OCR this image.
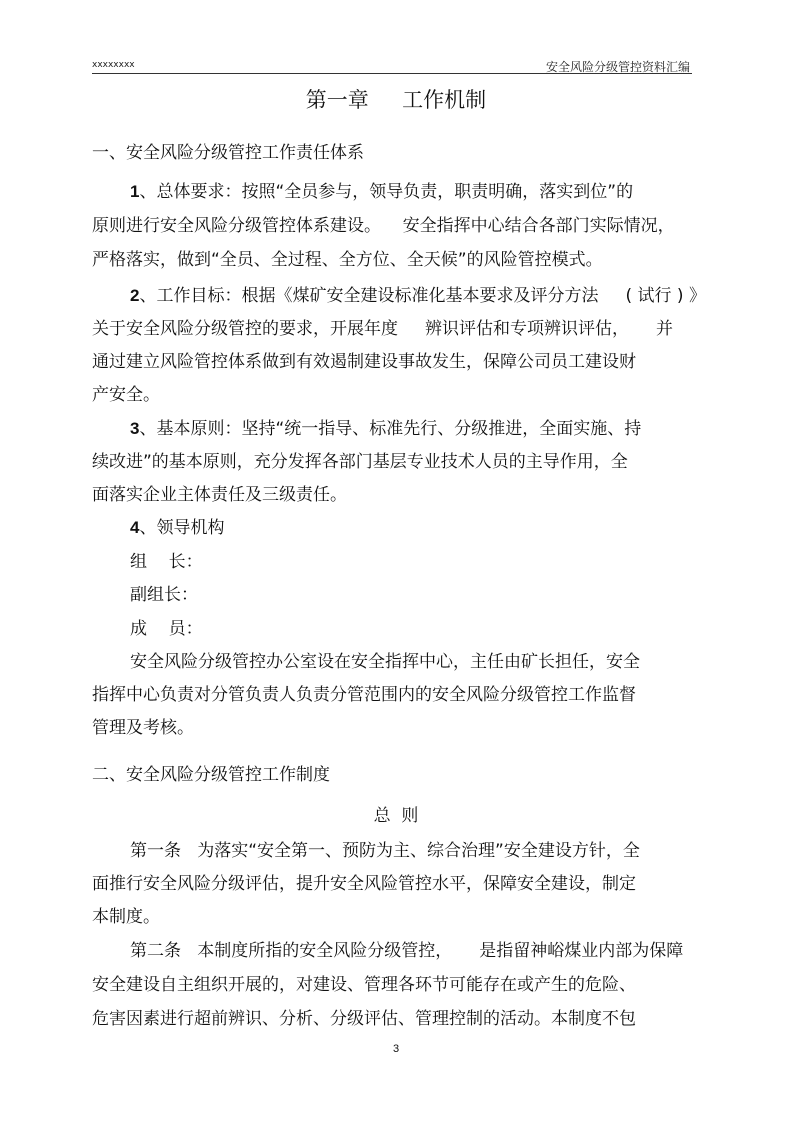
xxxxxxxx	安全风险分级管控资料汇编
第一章     工作机制
一、安全风险分级管控工作责任体系
1、总体要求：按照“全员参与，领导负责，职责明确，落实到位”的
原则进行安全风险分级管控体系建设。    安全指挥中心结合各部门实际情况，
严格落实，做到“全员、全过程、全方位、全天候”的风险管控模式。
2、工作目标：根据《煤矿安全建设标准化基本要求及评分方法     ( 试行 ) 》
关于安全风险分级管控的要求，开展年度     辨识评估和专项辨识评估，     并
通过建立风险管控体系做到有效遏制建设事故发生，保障公司员工建设财
产安全。
3、基本原则：坚持“统一指导、标准先行、分级推进，全面实施、持
续改进”的基本原则，充分发挥各部门基层专业技术人员的主导作用，全
面落实企业主体责任及三级责任。
4、领导机构
组    长：
副组长：
成    员：
安全风险分级管控办公室设在安全指挥中心，主任由矿长担任，安全
指挥中心负责对分管负责人负责分管范围内的安全风险分级管控工作监督
管理及考核。
二、安全风险分级管控工作制度
总  则
第一条   为落实“安全第一、预防为主、综合治理”安全建设方针，全
面推行安全风险分级评估，提升安全风险管控水平，保障安全建设，制定
本制度。
第二条   本制度所指的安全风险分级管控，     是指留神峪煤业内部为保障
安全建设自主组织开展的，对建设、管理各环节可能存在或产生的危险、
危害因素进行超前辨识、分析、分级评估、管理控制的活动。本制度不包
3
